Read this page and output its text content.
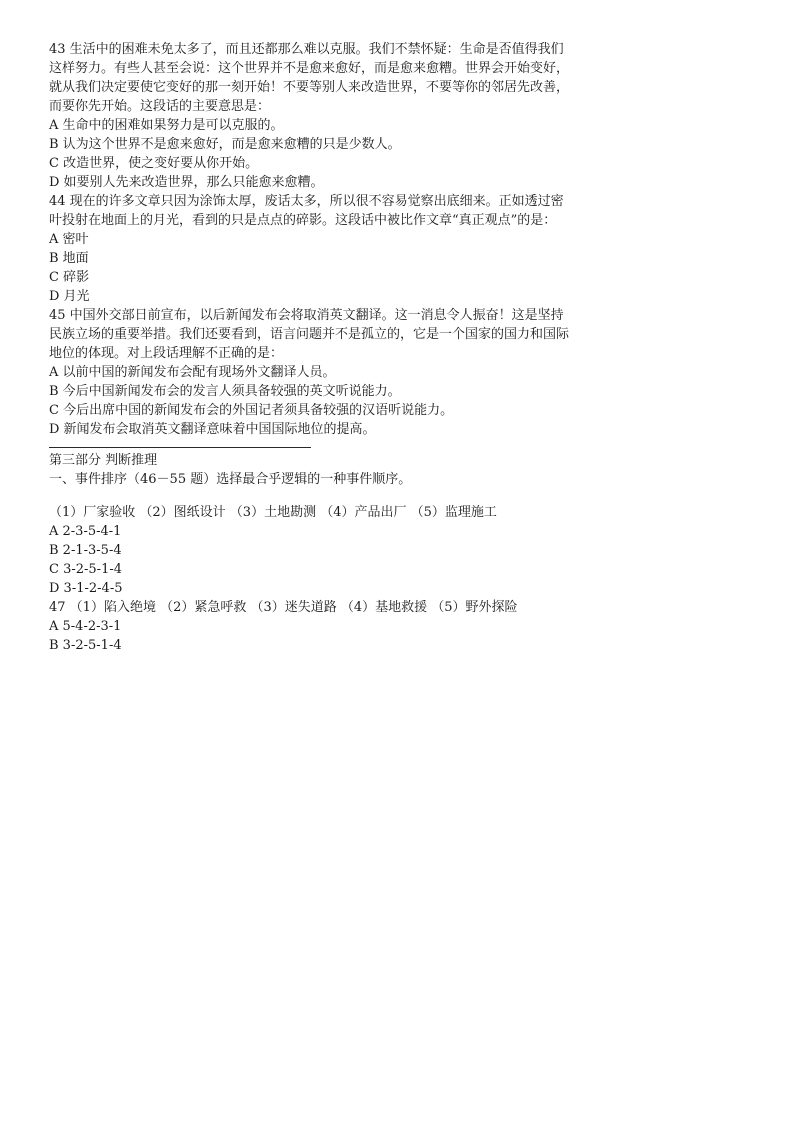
43 生活中的困难未免太多了，而且还都那么难以克服。我们不禁怀疑：生命是否值得我们
这样努力。有些人甚至会说：这个世界并不是愈来愈好，而是愈来愈糟。世界会开始变好，
就从我们决定要使它变好的那一刻开始！不要等别人来改造世界，不要等你的邻居先改善，
而要你先开始。这段话的主要意思是：
A 生命中的困难如果努力是可以克服的。
B 认为这个世界不是愈来愈好，而是愈来愈糟的只是少数人。
C 改造世界，使之变好要从你开始。
D 如要别人先来改造世界，那么只能愈来愈糟。
44 现在的许多文章只因为涂饰太厚，废话太多，所以很不容易觉察出底细来。正如透过密
叶投射在地面上的月光，看到的只是点点的碎影。这段话中被比作文章“真正观点”的是：
A 密叶
B 地面
C 碎影
D 月光
45 中国外交部日前宣布，以后新闻发布会将取消英文翻译。这一消息令人振奋！这是坚持
民族立场的重要举措。我们还要看到，语言问题并不是孤立的，它是一个国家的国力和国际
地位的体现。对上段话理解不正确的是：
A 以前中国的新闻发布会配有现场外文翻译人员。
B 今后中国新闻发布会的发言人须具备较强的英文听说能力。
C 今后出席中国的新闻发布会的外国记者须具备较强的汉语听说能力。
D 新闻发布会取消英文翻译意味着中国国际地位的提高。
第三部分 判断推理
一、事件排序（46－55 题）选择最合乎逻辑的一种事件顺序。
（1）厂家验收 （2）图纸设计 （3）土地勘测 （4）产品出厂 （5）监理施工
A 2-3-5-4-1
B 2-1-3-5-4
C 3-2-5-1-4
D 3-1-2-4-5
47 （1）陷入绝境 （2）紧急呼救 （3）迷失道路 （4）基地救援 （5）野外探险
A 5-4-2-3-1
B 3-2-5-1-4
